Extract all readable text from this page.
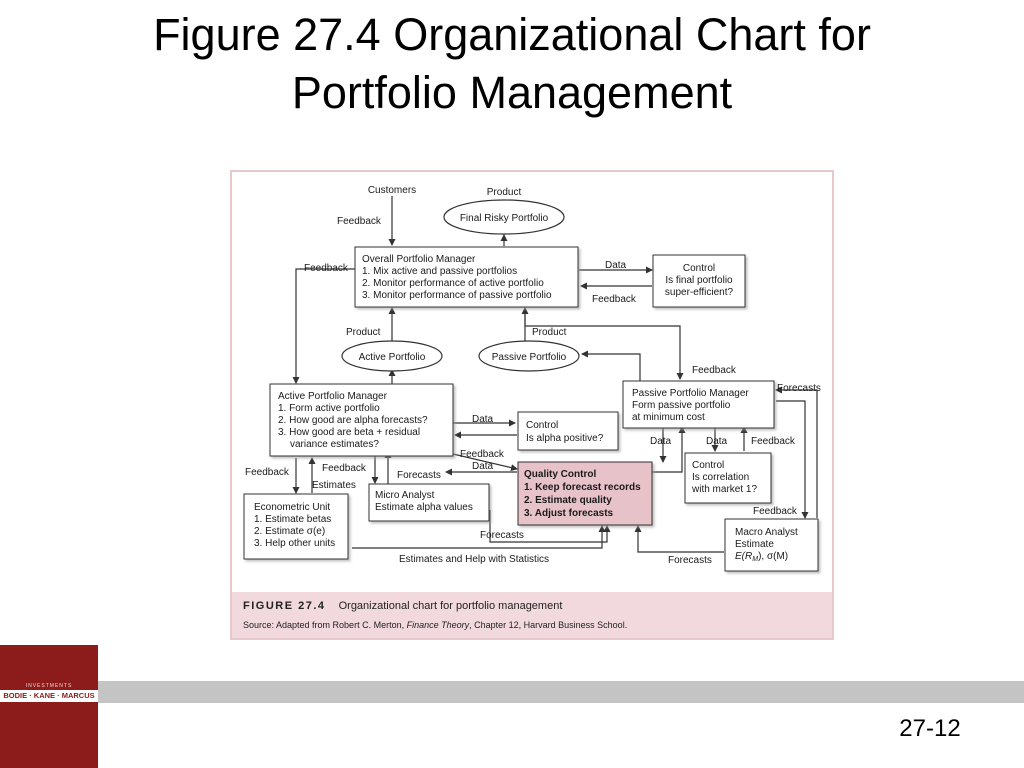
Figure 27.4 Organizational Chart for
Portfolio Management
Final Risky Portfolio
Active Portfolio	Passive Portfolio
Overall Portfolio Manager
1. Mix active and passive portfolios
2. Monitor performance of active portfolio
3. Monitor performance of passive portfolio
Control
Is final portfolio
super-efficient?
Active Portfolio Manager
1. Form active portfolio
2. How good are alpha forecasts?
3. How good are beta + residual
variance estimates?
Control
Is alpha positive?
Passive Portfolio Manager
Form passive portfolio
at minimum cost
Control
Is correlation
with market 1?
Quality Control
1. Keep forecast records
2. Estimate quality
3. Adjust forecasts
Econometric Unit
1. Estimate betas
2. Estimate σ(e)
3. Help other units
Micro Analyst
Estimate alpha values
Macro Analyst
Estimate
$E(R_M)$, σ(M)
Customers	Product
Feedback
Feedback	Data
Feedback
Product	Product
Feedback
Forecasts
Data
Feedback
Data
Data	Data Feedback
Feedback	Feedback
Forecasts
Estimates
Feedback
Forecasts
Estimates and Help with Statistics	Forecasts
FIGURE 27.4 Organizational chart for portfolio management
Source: Adapted from Robert C. Merton, Finance Theory, Chapter 12, Harvard Business School.
INVESTMENTS
BODIE · KANE · MARCUS
27-12
